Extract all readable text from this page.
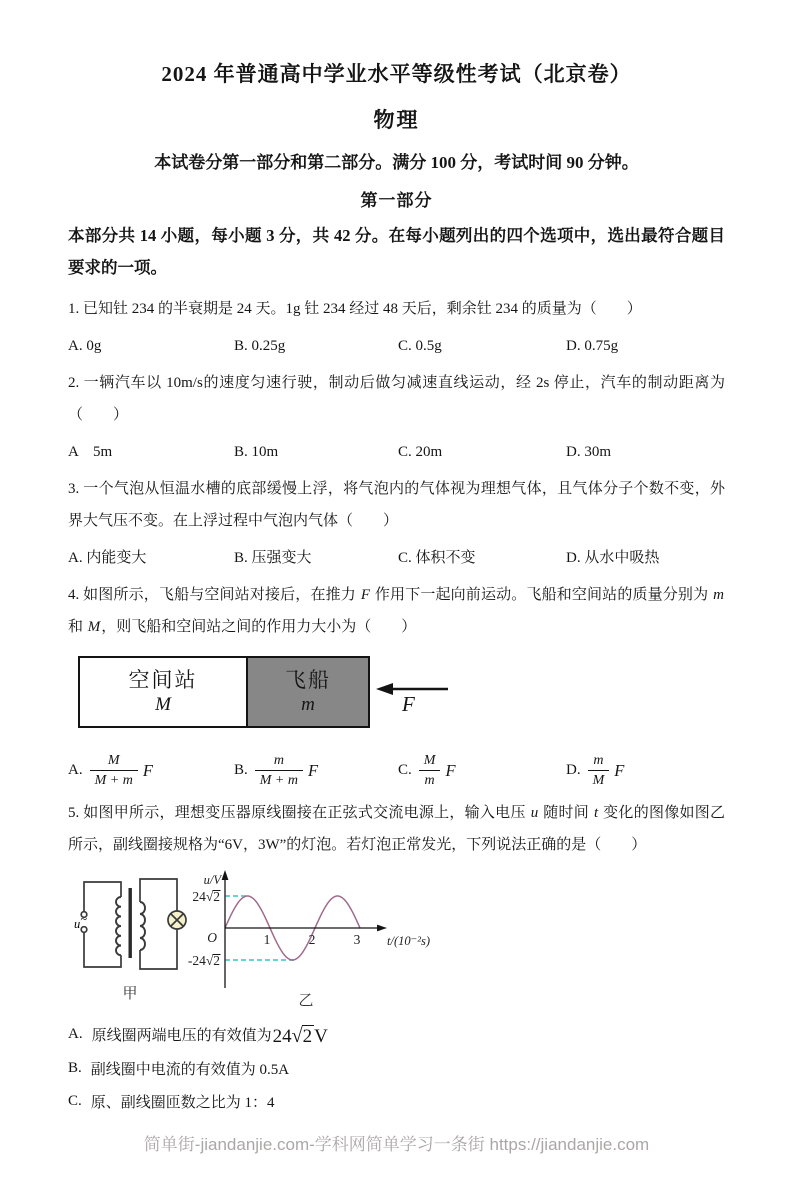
2024 年普通高中学业水平等级性考试（北京卷）
物理
本试卷分第一部分和第二部分。满分 100 分，考试时间 90 分钟。
第一部分
本部分共 14 小题，每小题 3 分，共 42 分。在每小题列出的四个选项中，选出最符合题目要求的一项。

1. 已知钍 234 的半衰期是 24 天。1g 钍 234 经过 48 天后，剩余钍 234 的质量为（　　）

A. 0g	B. 0.25g	C. 0.5g	D. 0.75g

2. 一辆汽车以 10m/s的速度匀速行驶，制动后做匀减速直线运动，经 2s 停止，汽车的制动距离为（　　）

A　5m	B. 10m	C. 20m	D. 30m

3. 一个气泡从恒温水槽的底部缓慢上浮，将气泡内的气体视为理想气体，且气体分子个数不变，外界大气压不变。在上浮过程中气泡内气体（　　）

A. 内能变大	B. 压强变大	C. 体积不变	D. 从水中吸热

4. 如图所示，飞船与空间站对接后，在推力 F 作用下一起向前运动。飞船和空间站的质量分别为 m 和 M，则飞船和空间站之间的作用力大小为（　　）

空间站
M
飞船
m	F
A. $\frac{M}{M + m}$ F	B. $\frac{m}{M + m}$ F	C. $\frac{M}{m}$ F	D. $\frac{m}{M}$ F

5. 如图甲所示，理想变压器原线圈接在正弦式交流电源上，输入电压 u 随时间 t 变化的图像如图乙所示，副线圈接规格为“6V，3W”的灯泡。若灯泡正常发光，下列说法正确的是（　　）

u ~
甲
u/V
24√2
-24√2
O	1	2	3 t/(10⁻²s)
乙
A. 原线圈两端电压的有效值为 24 √ 2 V
B. 副线圈中电流的有效值为 0.5A
C. 原、副线圈匝数之比为 1：4
简单街-jiandanjie.com-学科网简单学习一条街 https://jiandanjie.com
